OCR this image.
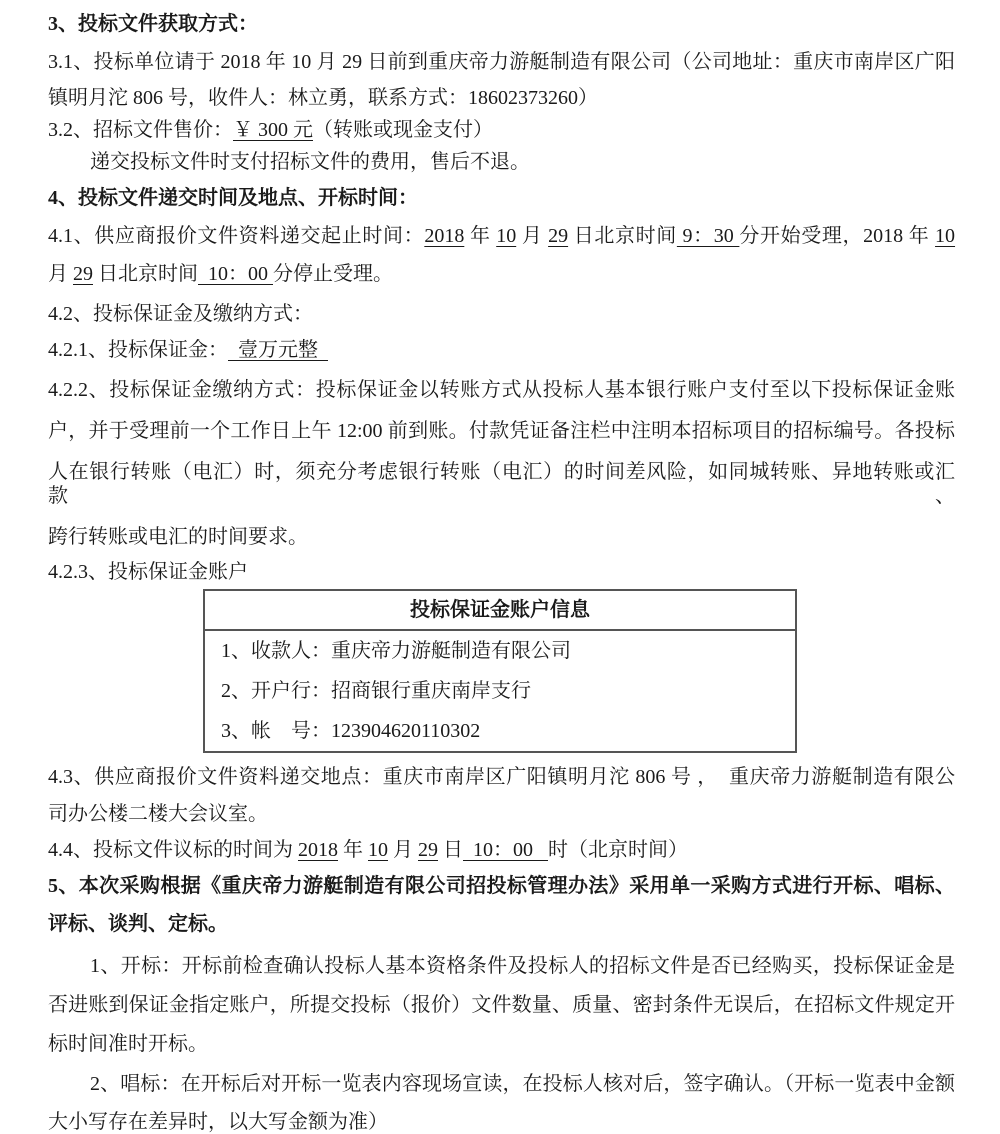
3、投标文件获取方式：
3.1、投标单位请于 2018 年 10 月 29 日前到重庆帝力游艇制造有限公司（公司地址：重庆市南岸区广阳
镇明月沱 806 号，收件人：林立勇，联系方式：18602373260）
3.2、招标文件售价：￥ 300 元（转账或现金支付）
递交投标文件时支付招标文件的费用，售后不退。
4、投标文件递交时间及地点、开标时间：
4.1、供应商报价文件资料递交起止时间：2018 年 10 月 29 日北京时间 9：30 分开始受理，2018 年 10
月 29 日北京时间  10：00 分停止受理。
4.2、投标保证金及缴纳方式：
4.2.1、投标保证金：  壹万元整
4.2.2、投标保证金缴纳方式：投标保证金以转账方式从投标人基本银行账户支付至以下投标保证金账
户，并于受理前一个工作日上午 12:00 前到账。付款凭证备注栏中注明本招标项目的招标编号。各投标
人在银行转账（电汇）时，须充分考虑银行转账（电汇）的时间差风险，如同城转账、异地转账或汇款、
跨行转账或电汇的时间要求。
4.2.3、投标保证金账户
投标保证金账户信息
1、收款人：重庆帝力游艇制造有限公司
2、开户行：招商银行重庆南岸支行
3、帐　号：123904620110302
4.3、供应商报价文件资料递交地点：重庆市南岸区广阳镇明月沱 806 号 ，  重庆帝力游艇制造有限公
司办公楼二楼大会议室。
4.4、投标文件议标的时间为 2018 年 10 月 29 日  10：00   时（北京时间）
5、本次采购根据《重庆帝力游艇制造有限公司招投标管理办法》采用单一采购方式进行开标、唱标、
评标、谈判、定标。
1、开标：开标前检查确认投标人基本资格条件及投标人的招标文件是否已经购买，投标保证金是
否进账到保证金指定账户，所提交投标（报价）文件数量、质量、密封条件无误后，在招标文件规定开
标时间准时开标。
2、唱标：在开标后对开标一览表内容现场宣读，在投标人核对后，签字确认。（开标一览表中金额
大小写存在差异时，以大写金额为准）
